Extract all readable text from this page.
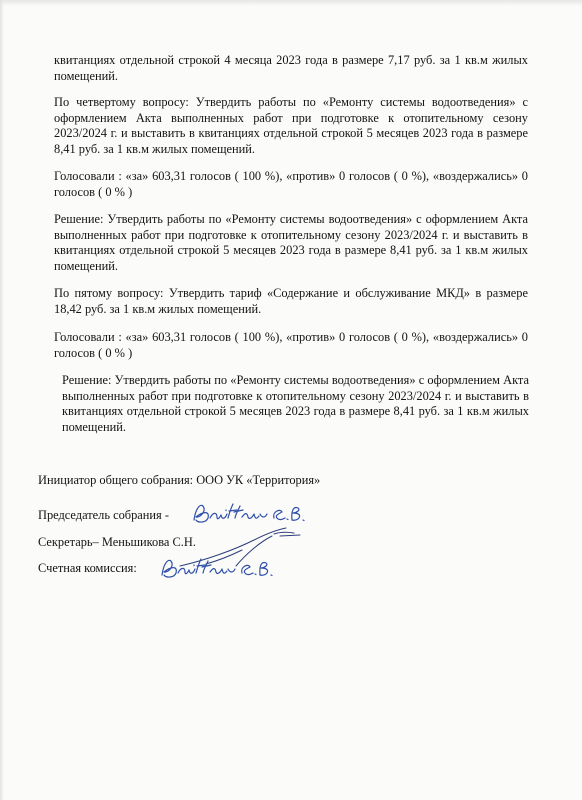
квитанциях отдельной строкой 4 месяца 2023 года в размере 7,17 руб. за 1 кв.м жилых помещений.

По четвертому вопросу: Утвердить работы по «Ремонту системы водоотведения» с оформлением Акта выполненных работ при подготовке к отопительному сезону 2023/2024 г. и выставить в квитанциях отдельной строкой 5 месяцев 2023 года в размере 8,41 руб. за 1 кв.м жилых помещений.

Голосовали : «за» 603,31 голосов ( 100 %), «против» 0 голосов ( 0 %), «воздержались» 0 голосов ( 0 % )

Решение: Утвердить работы по «Ремонту системы водоотведения» с оформлением Акта выполненных работ при подготовке к отопительному сезону 2023/2024 г. и выставить в квитанциях отдельной строкой 5 месяцев 2023 года в размере 8,41 руб. за 1 кв.м жилых помещений.

По пятому вопросу: Утвердить тариф «Содержание и обслуживание МКД» в размере 18,42 руб. за 1 кв.м жилых помещений.

Голосовали : «за» 603,31 голосов ( 100 %), «против» 0 голосов ( 0 %), «воздержались» 0 голосов ( 0 % )

Решение: Утвердить работы по «Ремонту системы водоотведения» с оформлением Акта выполненных работ при подготовке к отопительному сезону 2023/2024 г. и выставить в квитанциях отдельной строкой 5 месяцев 2023 года в размере 8,41 руб. за 1 кв.м жилых помещений.

Инициатор общего собрания: ООО УК «Территория»
Председатель собрания -
Секретарь– Меньшикова С.Н.
Счетная комиссия:
